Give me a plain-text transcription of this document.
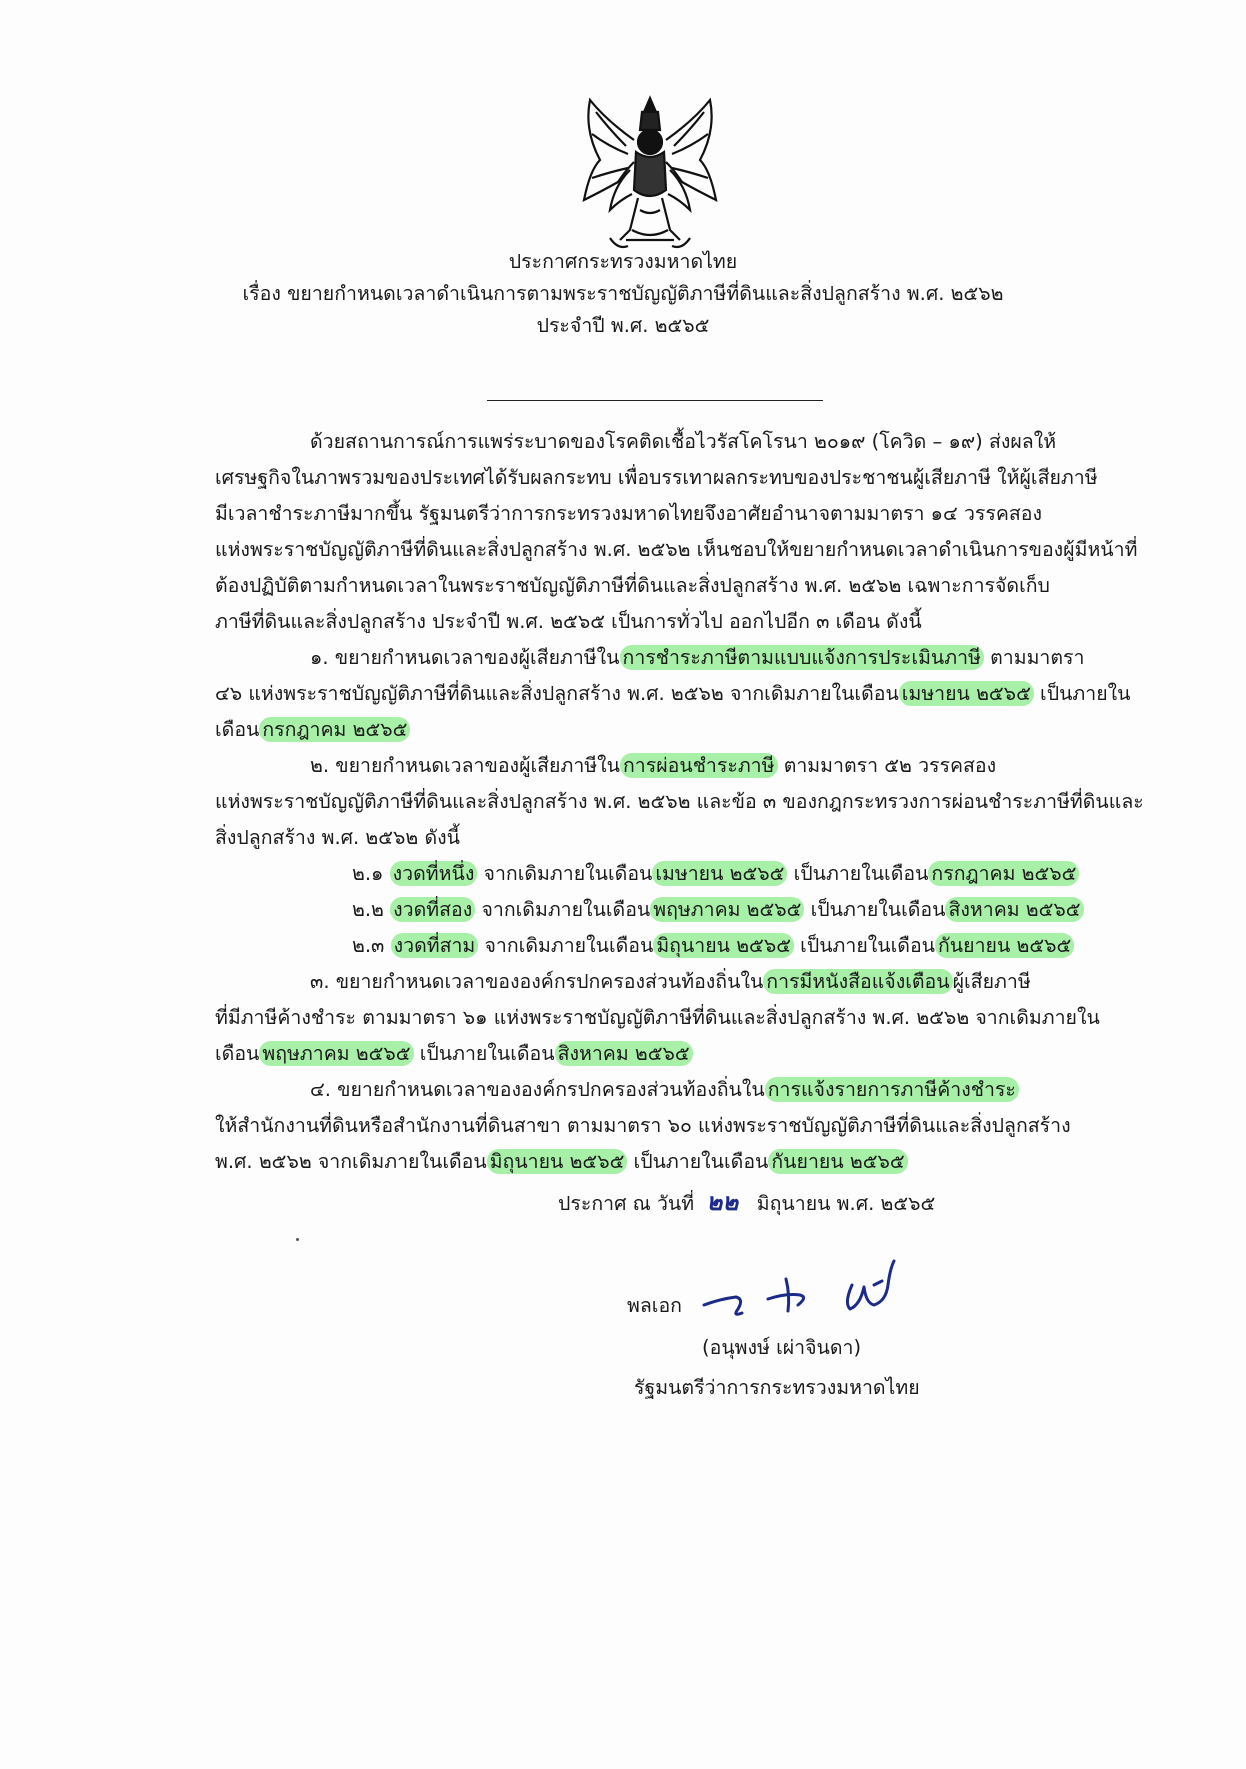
ประกาศกระทรวงมหาดไทย
เรื่อง ขยายกำหนดเวลาดำเนินการตามพระราชบัญญัติภาษีที่ดินและสิ่งปลูกสร้าง พ.ศ. ๒๕๖๒
ประจำปี พ.ศ. ๒๕๖๕
ด้วยสถานการณ์การแพร่ระบาดของโรคติดเชื้อไวรัสโคโรนา ๒๐๑๙ (โควิด – ๑๙) ส่งผลให้
เศรษฐกิจในภาพรวมของประเทศได้รับผลกระทบ เพื่อบรรเทาผลกระทบของประชาชนผู้เสียภาษี ให้ผู้เสียภาษี
มีเวลาชำระภาษีมากขึ้น รัฐมนตรีว่าการกระทรวงมหาดไทยจึงอาศัยอำนาจตามมาตรา ๑๔ วรรคสอง
แห่งพระราชบัญญัติภาษีที่ดินและสิ่งปลูกสร้าง พ.ศ. ๒๕๖๒ เห็นชอบให้ขยายกำหนดเวลาดำเนินการของผู้มีหน้าที่
ต้องปฏิบัติตามกำหนดเวลาในพระราชบัญญัติภาษีที่ดินและสิ่งปลูกสร้าง พ.ศ. ๒๕๖๒ เฉพาะการจัดเก็บ
ภาษีที่ดินและสิ่งปลูกสร้าง ประจำปี พ.ศ. ๒๕๖๕ เป็นการทั่วไป ออกไปอีก ๓ เดือน ดังนี้
๑. ขยายกำหนดเวลาของผู้เสียภาษีใน การชำระภาษีตามแบบแจ้งการประเมินภาษี ตามมาตรา
๔๖ แห่งพระราชบัญญัติภาษีที่ดินและสิ่งปลูกสร้าง พ.ศ. ๒๕๖๒ จากเดิมภายในเดือน เมษายน ๒๕๖๕ เป็นภายใน
เดือน กรกฎาคม ๒๕๖๕
๒. ขยายกำหนดเวลาของผู้เสียภาษีใน การผ่อนชำระภาษี ตามมาตรา ๕๒ วรรคสอง
แห่งพระราชบัญญัติภาษีที่ดินและสิ่งปลูกสร้าง พ.ศ. ๒๕๖๒ และข้อ ๓ ของกฎกระทรวงการผ่อนชำระภาษีที่ดินและ
สิ่งปลูกสร้าง พ.ศ. ๒๕๖๒ ดังนี้
๒.๑ งวดที่หนึ่ง จากเดิมภายในเดือน เมษายน ๒๕๖๕ เป็นภายในเดือน กรกฎาคม ๒๕๖๕
๒.๒ งวดที่สอง จากเดิมภายในเดือน พฤษภาคม ๒๕๖๕ เป็นภายในเดือน สิงหาคม ๒๕๖๕
๒.๓ งวดที่สาม จากเดิมภายในเดือน มิถุนายน ๒๕๖๕ เป็นภายในเดือน กันยายน ๒๕๖๕
๓. ขยายกำหนดเวลาขององค์กรปกครองส่วนท้องถิ่นใน การมีหนังสือแจ้งเตือน ผู้เสียภาษี
ที่มีภาษีค้างชำระ ตามมาตรา ๖๑ แห่งพระราชบัญญัติภาษีที่ดินและสิ่งปลูกสร้าง พ.ศ. ๒๕๖๒ จากเดิมภายใน
เดือน พฤษภาคม ๒๕๖๕ เป็นภายในเดือน สิงหาคม ๒๕๖๕
๔. ขยายกำหนดเวลาขององค์กรปกครองส่วนท้องถิ่นใน การแจ้งรายการภาษีค้างชำระ
ให้สำนักงานที่ดินหรือสำนักงานที่ดินสาขา ตามมาตรา ๖๐ แห่งพระราชบัญญัติภาษีที่ดินและสิ่งปลูกสร้าง
พ.ศ. ๒๕๖๒ จากเดิมภายในเดือน มิถุนายน ๒๕๖๕ เป็นภายในเดือน กันยายน ๒๕๖๕
ประกาศ ณ วันที่ ๒๒ มิถุนายน พ.ศ. ๒๕๖๕
พลเอก
(อนุพงษ์ เผ่าจินดา)
รัฐมนตรีว่าการกระทรวงมหาดไทย
